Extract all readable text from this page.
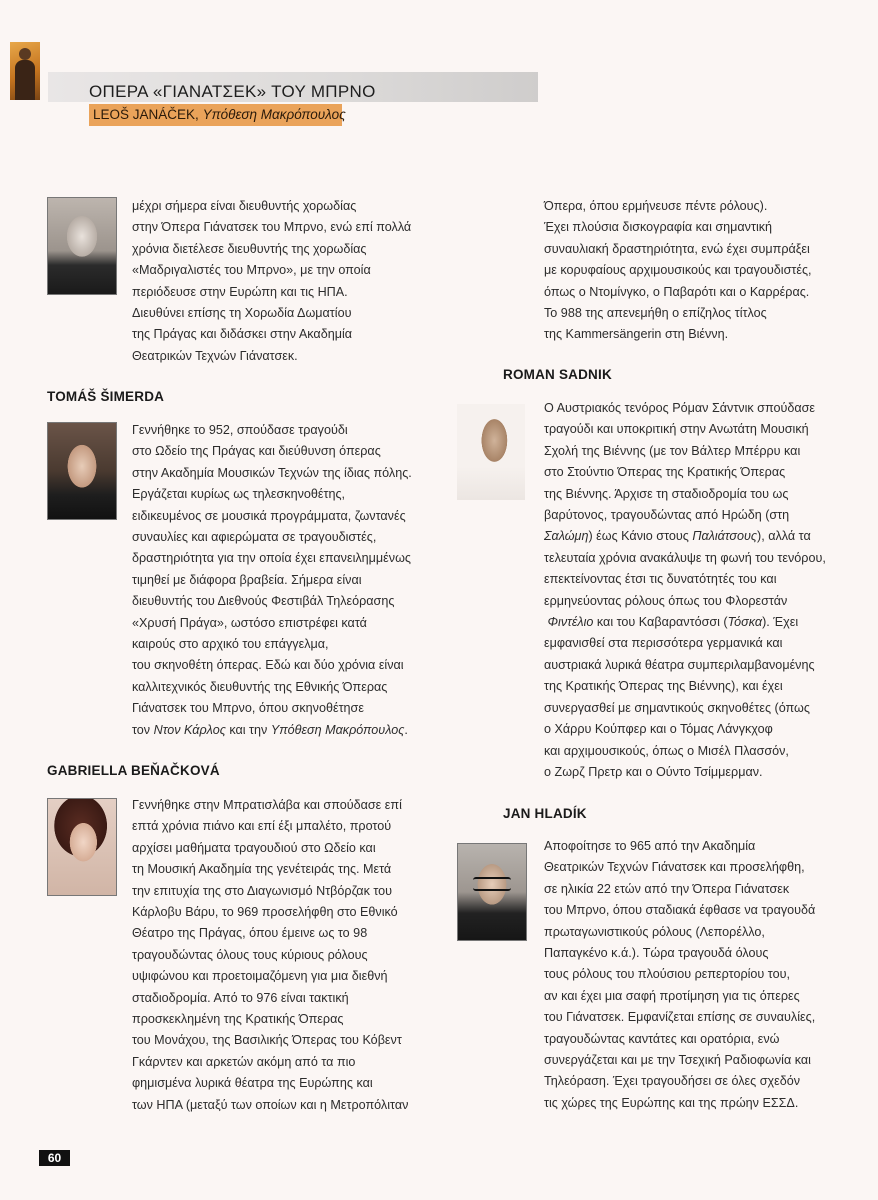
ΟΠΕΡΑ «ΓΙΑΝΑΤΣΕΚ» ΤΟΥ ΜΠΡΝΟ
LEOŠ JANÁČEK, Υπόθεση Μακρόπουλος

μέχρι σήμερα είναι διευθυντής χορωδίας

στην Όπερα Γιάνατσεκ του Μπρνο, ενώ επί πολλά

χρόνια διετέλεσε διευθυντής της χορωδίας

«Μαδριγαλιστές του Μπρνο», με την οποία

περιόδευσε στην Ευρώπη και τις ΗΠΑ.

Διευθύνει επίσης τη Χορωδία Δωματίου

της Πράγας και διδάσκει στην Ακαδημία

Θεατρικών Τεχνών Γιάνατσεκ.

TOMÁŠ ŠIMERDA

Γεννήθηκε το 952, σπούδασε τραγούδι

στο Ωδείο της Πράγας και διεύθυνση όπερας

στην Ακαδημία Μουσικών Τεχνών της ίδιας πόλης.

Εργάζεται κυρίως ως τηλεσκηνοθέτης,

ειδικευμένος σε μουσικά προγράμματα, ζωντανές

συναυλίες και αφιερώματα σε τραγουδιστές,

δραστηριότητα για την οποία έχει επανειλημμένως

τιμηθεί με διάφορα βραβεία. Σήμερα είναι

διευθυντής του Διεθνούς Φεστιβάλ Τηλεόρασης

«Χρυσή Πράγα», ωστόσο επιστρέφει κατά

καιρούς στο αρχικό του επάγγελμα,

του σκηνοθέτη όπερας. Εδώ και δύο χρόνια είναι

καλλιτεχνικός διευθυντής της Εθνικής Όπερας

Γιάνατσεκ του Μπρνο, όπου σκηνοθέτησε

τον Ντον Κάρλος και την Υπόθεση Μακρόπουλος.

GABRIELLA BEŇAČKOVÁ

Γεννήθηκε στην Μπρατισλάβα και σπούδασε επί

επτά χρόνια πιάνο και επί έξι μπαλέτο, προτού

αρχίσει μαθήματα τραγουδιού στο Ωδείο και

τη Μουσική Ακαδημία της γενέτειράς της. Μετά

την επιτυχία της στο Διαγωνισμό Ντβόρζακ του

Κάρλοβυ Βάρυ, το 969 προσελήφθη στο Εθνικό

Θέατρο της Πράγας, όπου έμεινε ως το 98

τραγουδώντας όλους τους κύριους ρόλους

υψιφώνου και προετοιμαζόμενη για μια διεθνή

σταδιοδρομία. Από το 976 είναι τακτική

προσκεκλημένη της Κρατικής Όπερας

του Μονάχου, της Βασιλικής Όπερας του Κόβεντ

Γκάρντεν και αρκετών ακόμη από τα πιο

φημισμένα λυρικά θέατρα της Ευρώπης και

των ΗΠΑ (μεταξύ των οποίων και η Μετροπόλιταν

Όπερα, όπου ερμήνευσε πέντε ρόλους).

Έχει πλούσια δισκογραφία και σημαντική

συναυλιακή δραστηριότητα, ενώ έχει συμπράξει

με κορυφαίους αρχιμουσικούς και τραγουδιστές,

όπως ο Ντομίνγκο, ο Παβαρότι και ο Καρρέρας.

Το 988 της απενεμήθη ο επίζηλος τίτλος

της Kammersängerin στη Βιέννη.

ROMAN SADNIK

Ο Αυστριακός τενόρος Ρόμαν Σάντνικ σπούδασε

τραγούδι και υποκριτική στην Ανωτάτη Μουσική

Σχολή της Βιέννης (με τον Βάλτερ Μπέρρυ και

στο Στούντιο Όπερας της Κρατικής Όπερας

της Βιέννης. Άρχισε τη σταδιοδρομία του ως

βαρύτονος, τραγουδώντας από Ηρώδη (στη

Σαλώμη) έως Κάνιο στους Παλιάτσους), αλλά τα

τελευταία χρόνια ανακάλυψε τη φωνή του τενόρου,

επεκτείνοντας έτσι τις δυνατότητές του και

ερμηνεύοντας ρόλους όπως του Φλορεστάν

Φιντέλιο και του Καβαραντόσσι (Τόσκα). Έχει

εμφανισθεί στα περισσότερα γερμανικά και

αυστριακά λυρικά θέατρα συμπεριλαμβανομένης

της Κρατικής Όπερας της Βιέννης), και έχει

συνεργασθεί με σημαντικούς σκηνοθέτες (όπως

ο Χάρρυ Κούπφερ και ο Τόμας Λάνγκχοφ

και αρχιμουσικούς, όπως ο Μισέλ Πλασσόν,

ο Ζωρζ Πρετρ και ο Ούντο Τσίμμερμαν.

JAN HLADÍK

Αποφοίτησε το 965 από την Ακαδημία

Θεατρικών Τεχνών Γιάνατσεκ και προσελήφθη,

σε ηλικία 22 ετών από την Όπερα Γιάνατσεκ

του Μπρνο, όπου σταδιακά έφθασε να τραγουδά

πρωταγωνιστικούς ρόλους (Λεπορέλλο,

Παπαγκένο κ.ά.). Τώρα τραγουδά όλους

τους ρόλους του πλούσιου ρεπερτορίου του,

αν και έχει μια σαφή προτίμηση για τις όπερες

του Γιάνατσεκ. Εμφανίζεται επίσης σε συναυλίες,

τραγουδώντας καντάτες και ορατόρια, ενώ

συνεργάζεται και με την Τσεχική Ραδιοφωνία και

Τηλεόραση. Έχει τραγουδήσει σε όλες σχεδόν

τις χώρες της Ευρώπης και της πρώην ΕΣΣΔ.

60
